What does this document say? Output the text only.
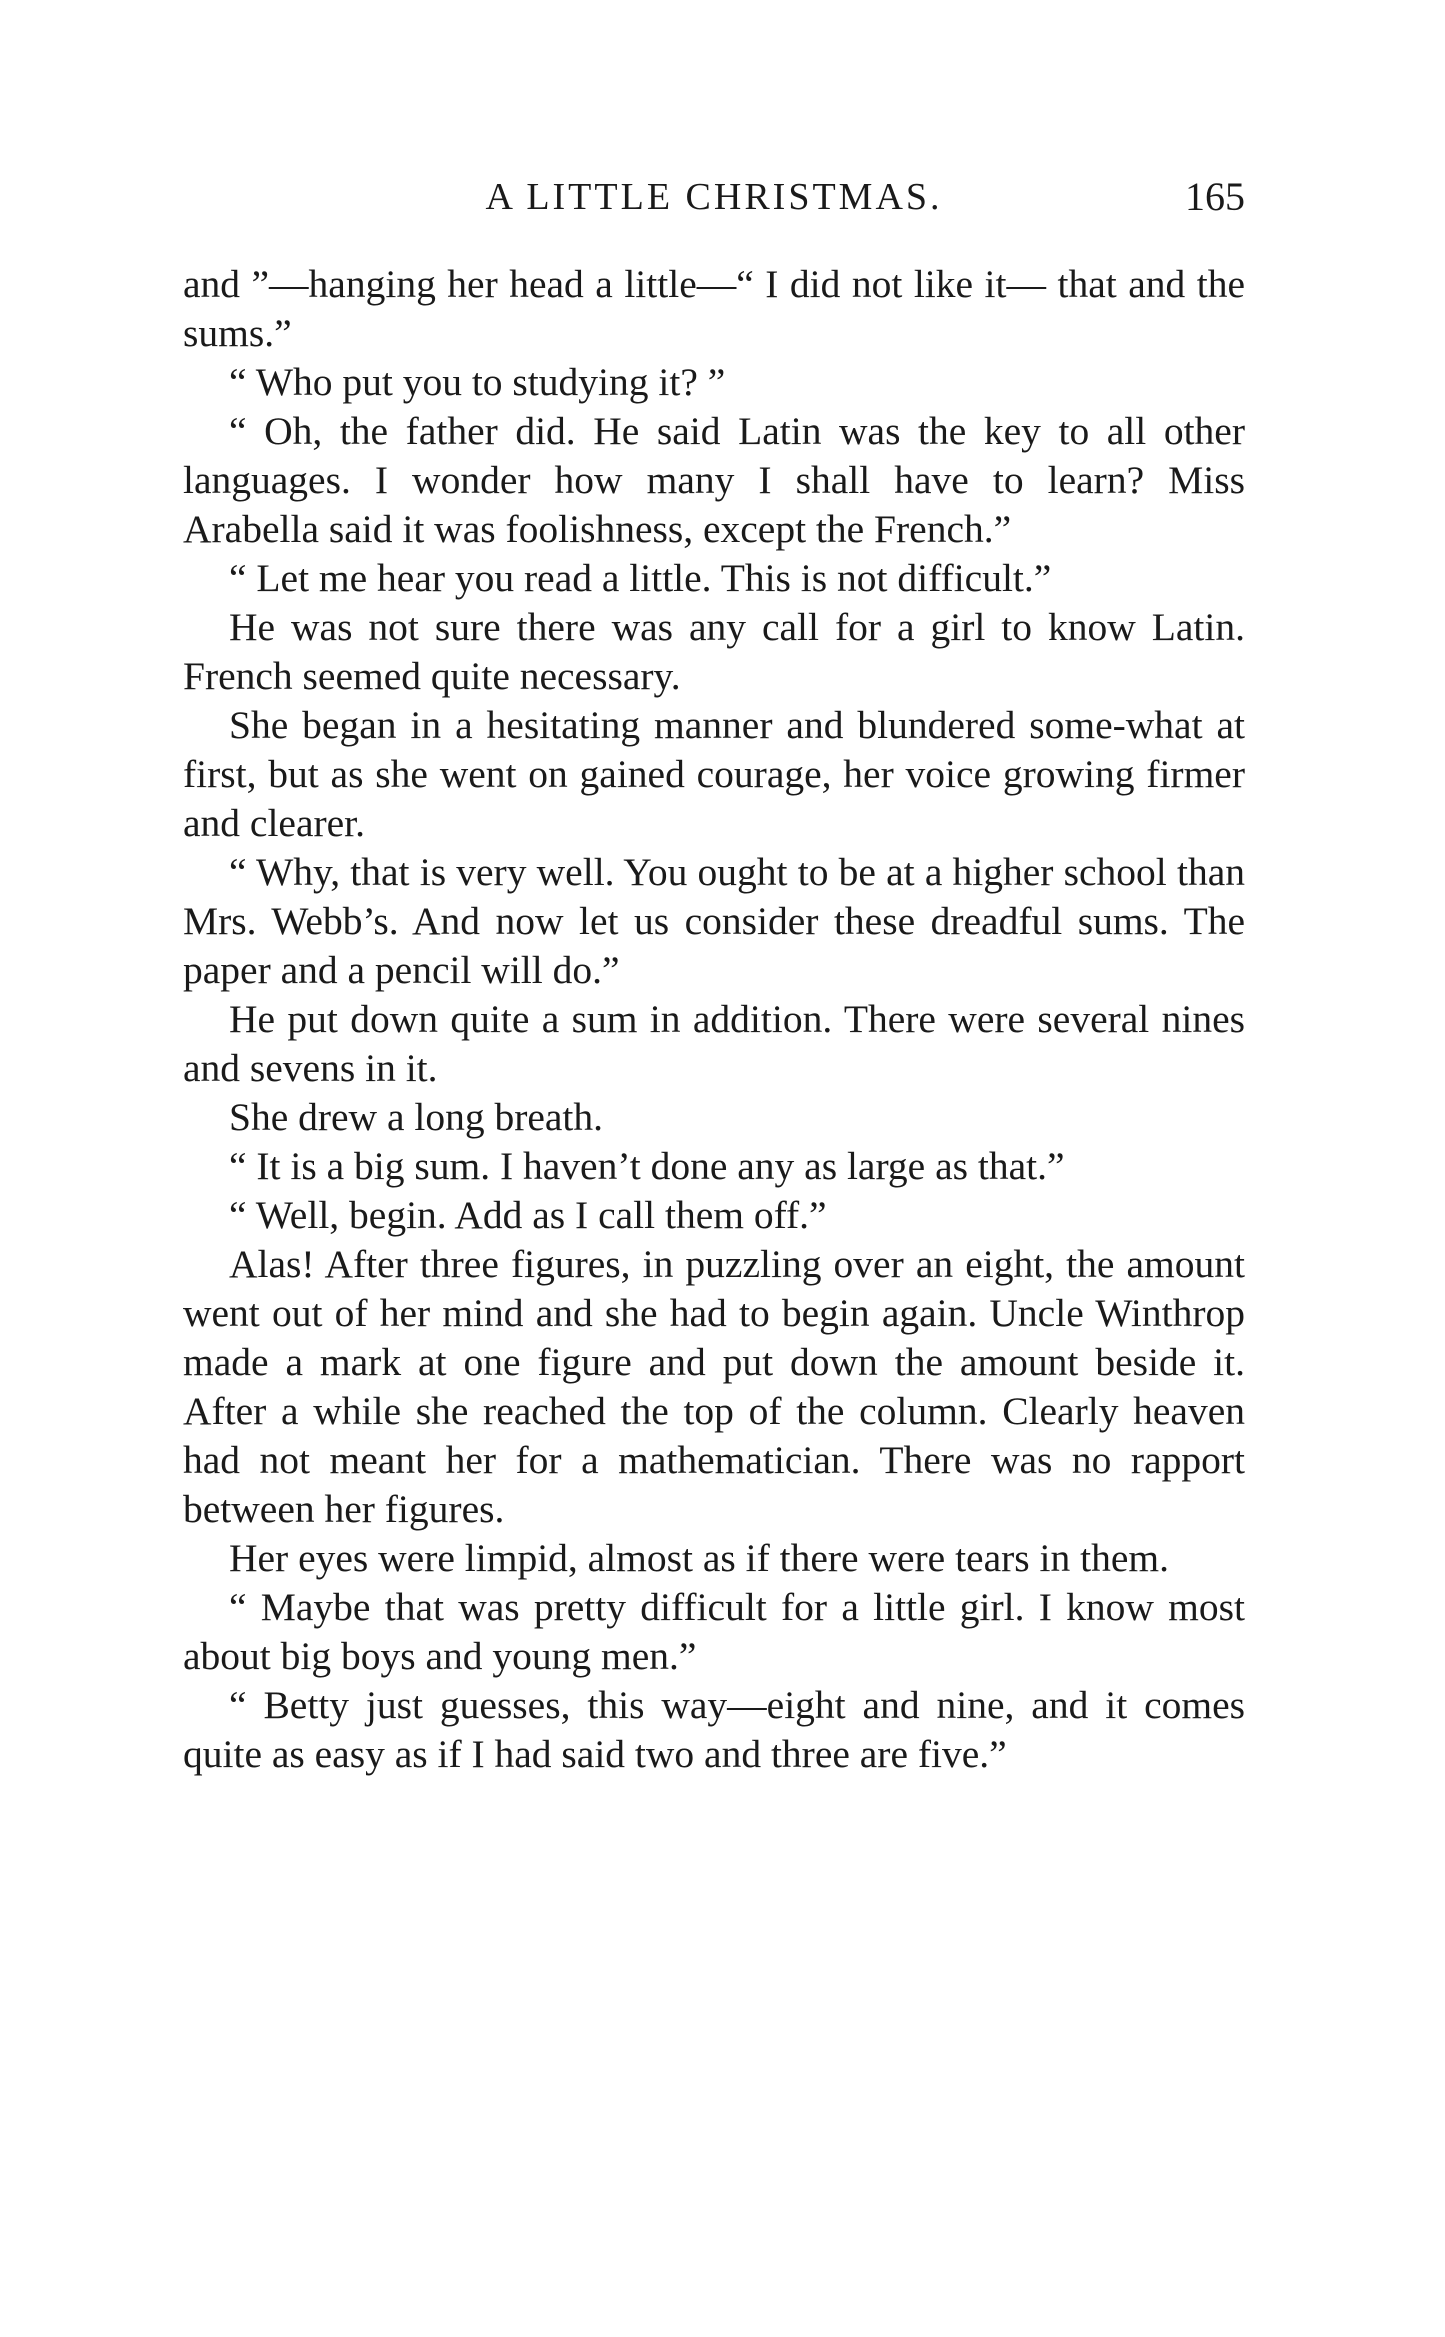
A LITTLE CHRISTMAS.	165

and ”—hanging her head a little—“ I did not like it— that and the sums.”

“ Who put you to studying it? ”

“ Oh, the father did. He said Latin was the key to all other languages. I wonder how many I shall have to learn? Miss Arabella said it was foolishness, except the French.”

“ Let me hear you read a little. This is not difficult.”

He was not sure there was any call for a girl to know Latin. French seemed quite necessary.

She began in a hesitating manner and blundered some-what at first, but as she went on gained courage, her voice growing firmer and clearer.

“ Why, that is very well. You ought to be at a higher school than Mrs. Webb’s. And now let us consider these dreadful sums. The paper and a pencil will do.”

He put down quite a sum in addition. There were several nines and sevens in it.

She drew a long breath.

“ It is a big sum. I haven’t done any as large as that.”

“ Well, begin. Add as I call them off.”

Alas! After three figures, in puzzling over an eight, the amount went out of her mind and she had to begin again. Uncle Winthrop made a mark at one figure and put down the amount beside it. After a while she reached the top of the column. Clearly heaven had not meant her for a mathematician. There was no rapport between her figures.

Her eyes were limpid, almost as if there were tears in them.

“ Maybe that was pretty difficult for a little girl. I know most about big boys and young men.”

“ Betty just guesses, this way—eight and nine, and it comes quite as easy as if I had said two and three are five.”
